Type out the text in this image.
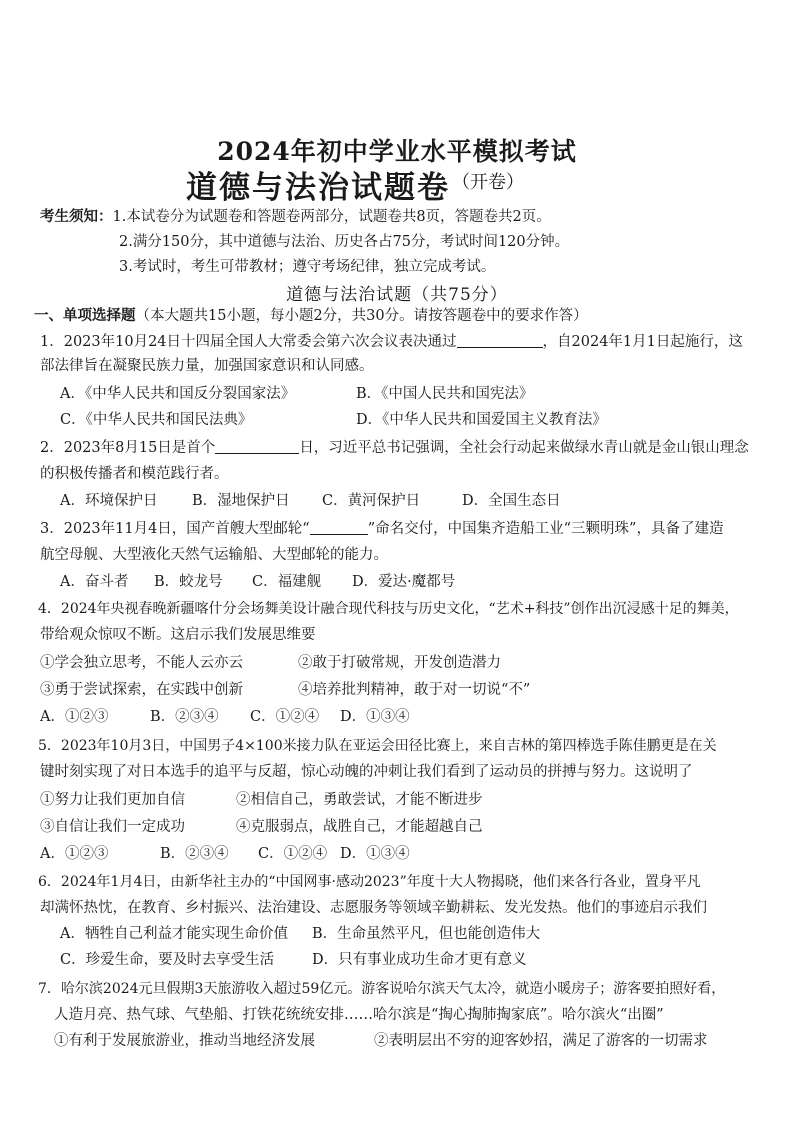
2024年初中学业水平模拟考试
道德与法治试题卷 $^{(开卷)}$
考生须知：1.本试卷分为试题卷和答题卷两部分，试题卷共8页，答题卷共2页。
2.满分150分，其中道德与法治、历史各占75分，考试时间120分钟。
3.考试时，考生可带教材；遵守考场纪律，独立完成考试。
道德与法治试题（共75分）
一、单项选择题（本大题共15小题，每小题2分，共30分。请按答题卷中的要求作答）
1．2023年10月24日十四届全国人大常委会第六次会议表决通过	，自2024年1月1日起施行，这
部法律旨在凝聚民族力量，加强国家意识和认同感。
A．《中华人民共和国反分裂国家法》	B．《中国人民共和国宪法》
C．《中华人民共和国民法典》	D．《中华人民共和国爱国主义教育法》
2．2023年8月15日是首个	日，习近平总书记强调，全社会行动起来做绿水青山就是金山银山理念
的积极传播者和模范践行者。
A．环境保护日 B．湿地保护日 C．黄河保护日	D．全国生态日
3．2023年11月4日，国产首艘大型邮轮“	”命名交付，中国集齐造船工业“三颗明珠”，具备了建造
航空母舰、大型液化天然气运输船、大型邮轮的能力。
A．奋斗者 B．蛟龙号 C．福建舰 D．爱达·魔都号
4．2024年央视春晚新疆喀什分会场舞美设计融合现代科技与历史文化，“艺术+科技”创作出沉浸感十足的舞美，
带给观众惊叹不断。这启示我们发展思维要
①学会独立思考，不能人云亦云	②敢于打破常规，开发创造潜力
③勇于尝试探索，在实践中创新	④培养批判精神，敢于对一切说“不”
A．①②③	B．②③④ C．①②④ D．①③④
5．2023年10月3日，中国男子4×100米接力队在亚运会田径比赛上，来自吉林的第四棒选手陈佳鹏更是在关
键时刻实现了对日本选手的追平与反超，惊心动魄的冲刺让我们看到了运动员的拼搏与努力。这说明了
①努力让我们更加自信	②相信自己，勇敢尝试，才能不断进步
③自信让我们一定成功	④克服弱点，战胜自己，才能超越自己
A．①②③	B．②③④ C．①②④ D．①③④
6．2024年1月4日，由新华社主办的“中国网事·感动2023”年度十大人物揭晓，他们来各行各业，置身平凡
却满怀热忱，在教育、乡村振兴、法治建设、志愿服务等领域辛勤耕耘、发光发热。他们的事迹启示我们
A．牺牲自己利益才能实现生命价值 B．生命虽然平凡，但也能创造伟大
C．珍爱生命，要及时去享受生活	D．只有事业成功生命才更有意义
7．哈尔滨2024元旦假期3天旅游收入超过59亿元。游客说哈尔滨天气太冷，就造小暖房子；游客要拍照好看，
人造月亮、热气球、气垫船、打铁花统统安排……哈尔滨是“掏心掏肺掏家底”。哈尔滨火“出圈”
①有利于发展旅游业，推动当地经济发展	②表明层出不穷的迎客妙招，满足了游客的一切需求
